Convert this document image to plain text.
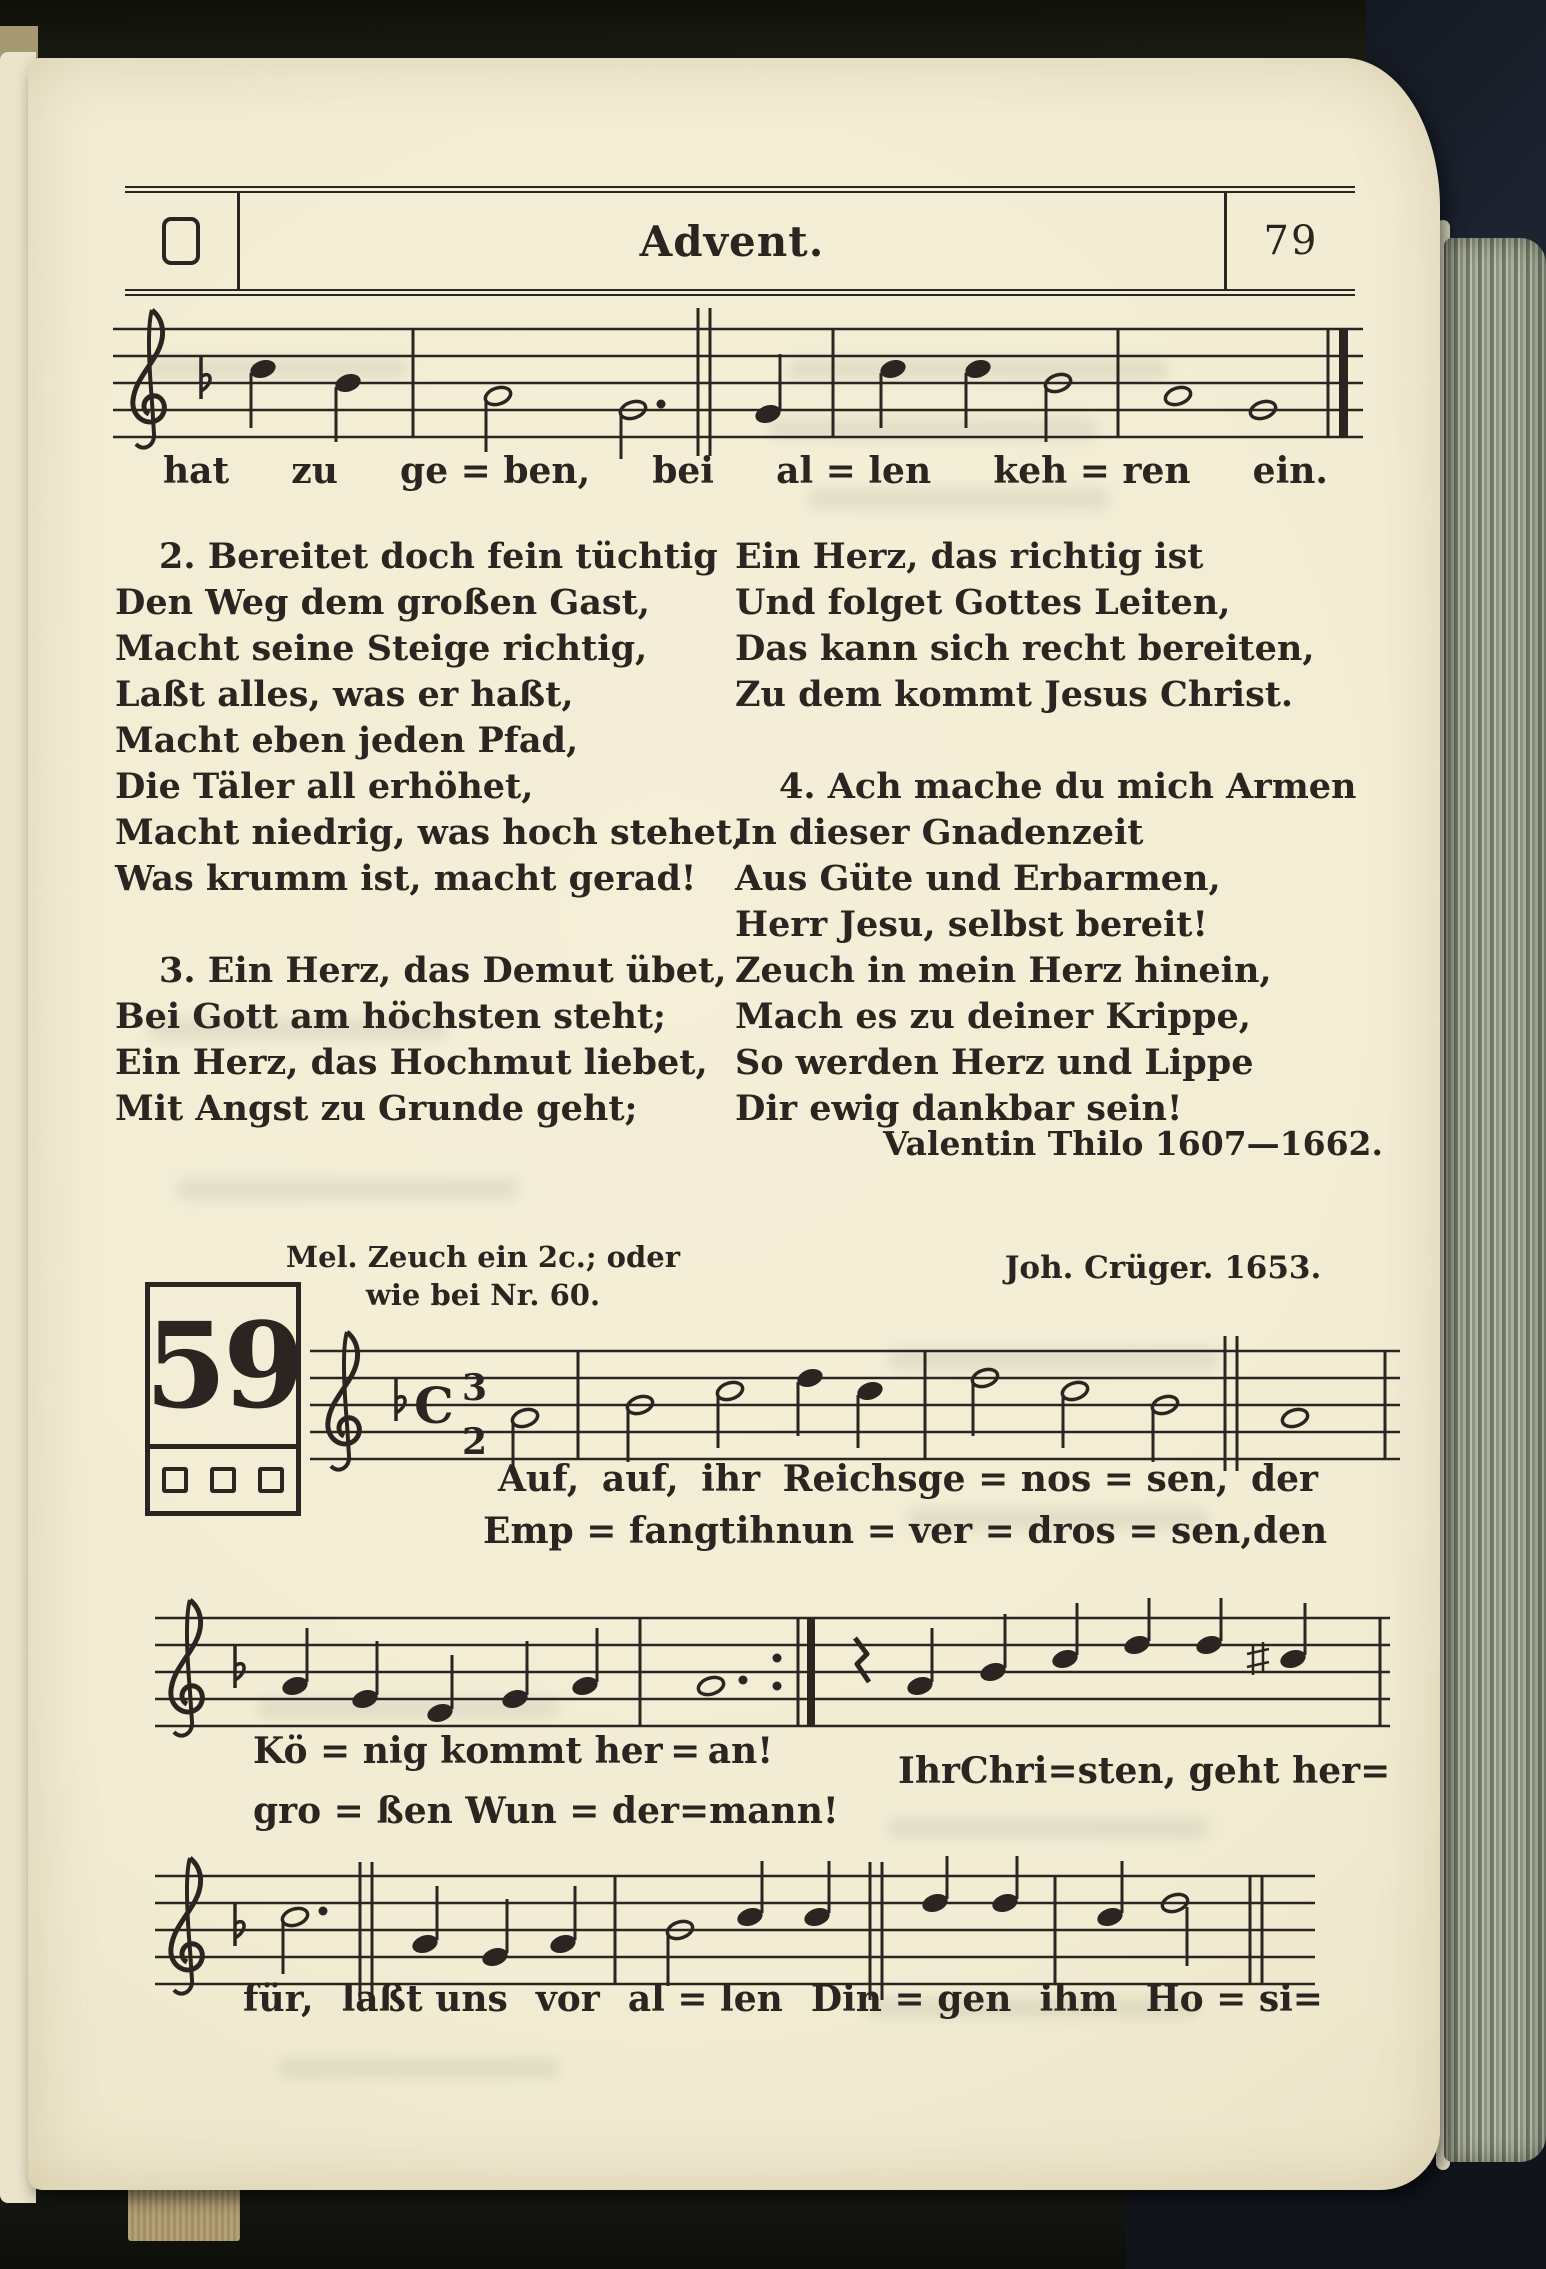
Advent.	79
hat zu ge = ben, bei al = len keh = ren ein.
2. Bereitet doch fein tüchtig
Den Weg dem großen Gast,
Macht seine Steige richtig,
Laßt alles, was er haßt,
Macht eben jeden Pfad,
Die Täler all erhöhet,
Macht niedrig, was hoch stehet,
Was krumm ist, macht gerad!
3. Ein Herz, das Demut übet,
Bei Gott am höchsten steht;
Ein Herz, das Hochmut liebet,
Mit Angst zu Grunde geht;
Ein Herz, das richtig ist
Und folget Gottes Leiten,
Das kann sich recht bereiten,
Zu dem kommt Jesus Christ.
4. Ach mache du mich Armen
In dieser Gnadenzeit
Aus Güte und Erbarmen,
Herr Jesu, selbst bereit!
Zeuch in mein Herz hinein,
Mach es zu deiner Krippe,
So werden Herz und Lippe
Dir ewig dankbar sein!
Valentin Thilo 1607—1662.
Mel. Zeuch ein 2c.; oder
wie bei Nr. 60.
Joh. Crüger. 1653.
59 C 3
2
Auf, auf, ihr Reichsge = nos = sen, der
Emp = fangt ihn un = ver = dros = sen, den
Kö = nig kommt her = an!
gro = ßen Wun = der = mann!
Ihr Chri=sten, geht her=
für, laßt uns vor al = len Din = gen ihm Ho = si=
